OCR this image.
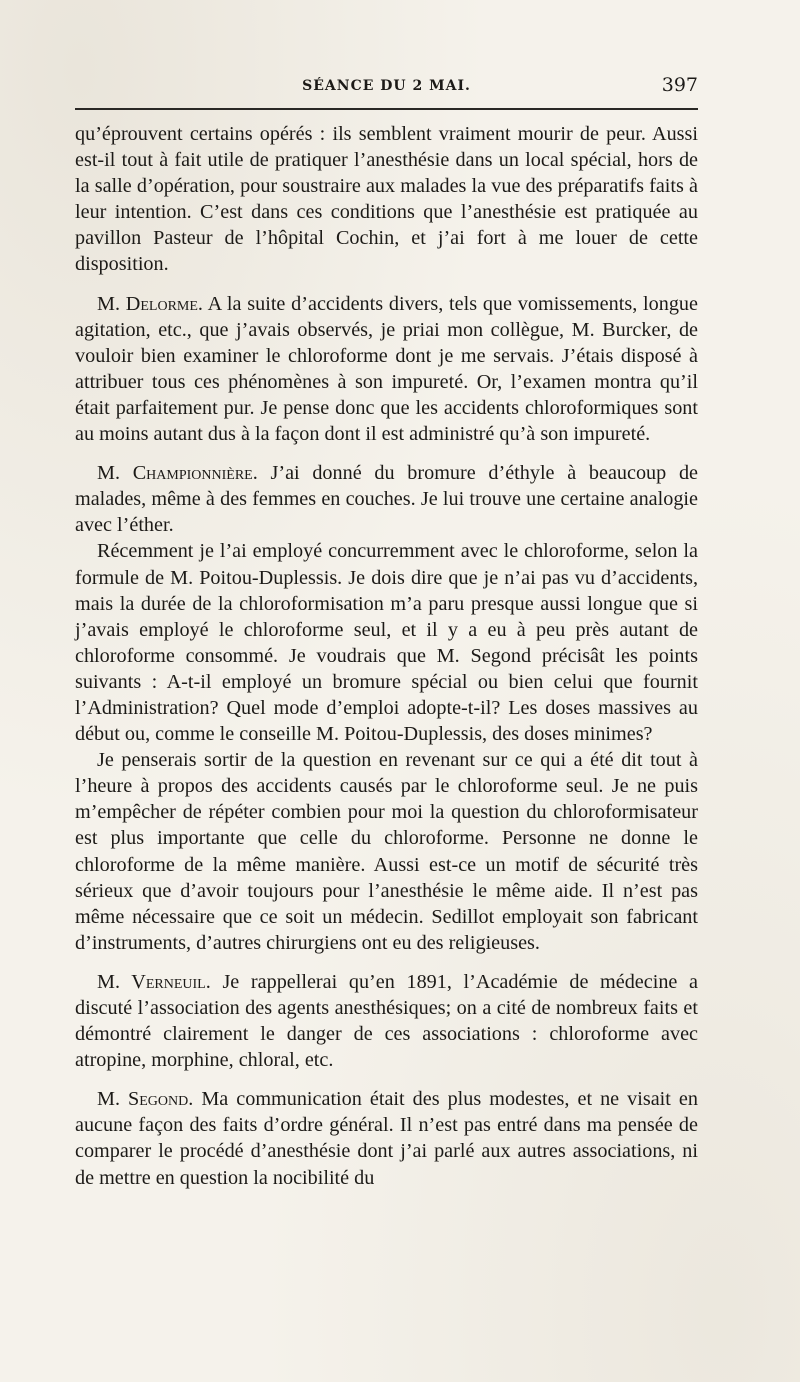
SÉANCE DU 2 MAI.	397

qu’éprouvent certains opérés : ils semblent vraiment mourir de peur. Aussi est-il tout à fait utile de pratiquer l’anesthésie dans un local spécial, hors de la salle d’opération, pour soustraire aux malades la vue des préparatifs faits à leur intention. C’est dans ces conditions que l’anesthésie est pratiquée au pavillon Pasteur de l’hôpital Cochin, et j’ai fort à me louer de cette disposition.

M. Delorme. A la suite d’accidents divers, tels que vomissements, longue agitation, etc., que j’avais observés, je priai mon collègue, M. Burcker, de vouloir bien examiner le chloroforme dont je me servais. J’étais disposé à attribuer tous ces phénomènes à son impureté. Or, l’examen montra qu’il était parfaitement pur. Je pense donc que les accidents chloroformiques sont au moins autant dus à la façon dont il est administré qu’à son impureté.

M. Championnière. J’ai donné du bromure d’éthyle à beaucoup de malades, même à des femmes en couches. Je lui trouve une certaine analogie avec l’éther.

Récemment je l’ai employé concurremment avec le chloroforme, selon la formule de M. Poitou-Duplessis. Je dois dire que je n’ai pas vu d’accidents, mais la durée de la chloroformisation m’a paru presque aussi longue que si j’avais employé le chloroforme seul, et il y a eu à peu près autant de chloroforme consommé. Je voudrais que M. Segond précisât les points suivants : A-t-il employé un bromure spécial ou bien celui que fournit l’Administration? Quel mode d’emploi adopte-t-il? Les doses massives au début ou, comme le conseille M. Poitou-Duplessis, des doses minimes?

Je penserais sortir de la question en revenant sur ce qui a été dit tout à l’heure à propos des accidents causés par le chloroforme seul. Je ne puis m’empêcher de répéter combien pour moi la question du chloroformisateur est plus importante que celle du chloroforme. Personne ne donne le chloroforme de la même manière. Aussi est-ce un motif de sécurité très sérieux que d’avoir toujours pour l’anesthésie le même aide. Il n’est pas même nécessaire que ce soit un médecin. Sedillot employait son fabricant d’instruments, d’autres chirurgiens ont eu des religieuses.

M. Verneuil. Je rappellerai qu’en 1891, l’Académie de médecine a discuté l’association des agents anesthésiques; on a cité de nombreux faits et démontré clairement le danger de ces associations : chloroforme avec atropine, morphine, chloral, etc.

M. Segond. Ma communication était des plus modestes, et ne visait en aucune façon des faits d’ordre général. Il n’est pas entré dans ma pensée de comparer le procédé d’anesthésie dont j’ai parlé aux autres associations, ni de mettre en question la nocibilité du
